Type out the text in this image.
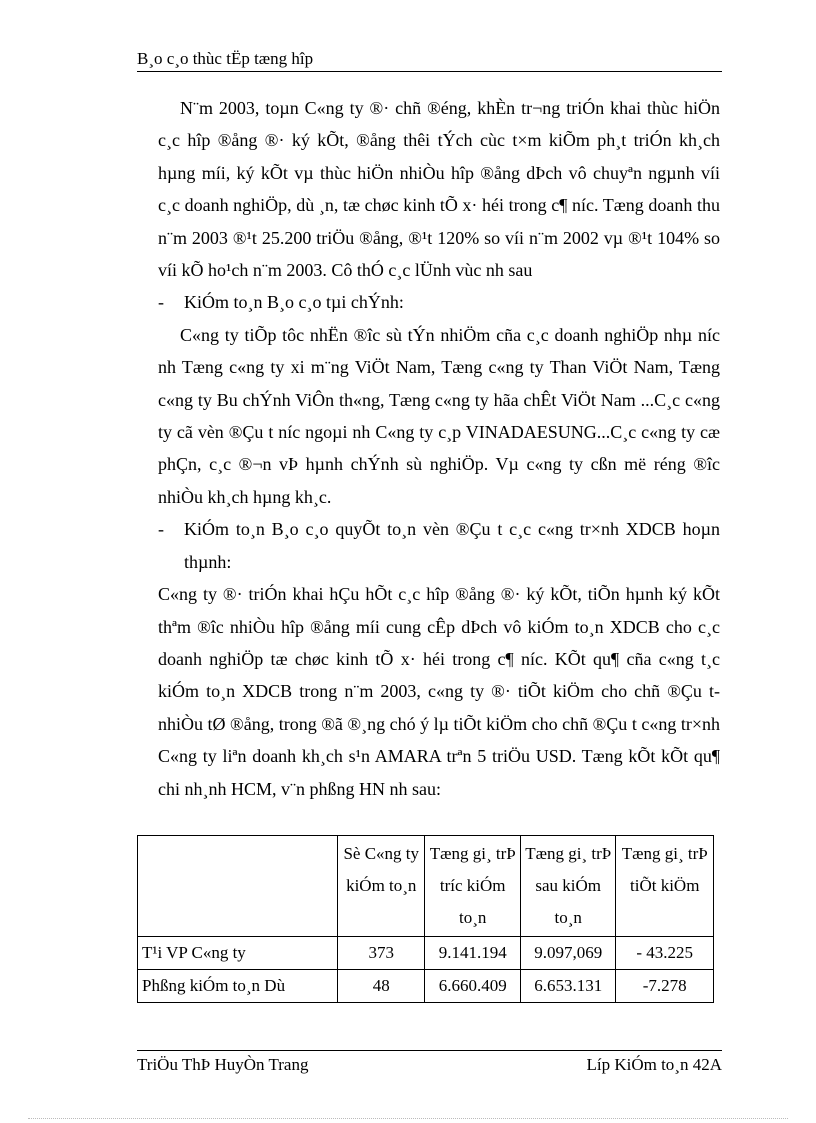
B¸o c¸o thùc tËp tæng hîp

N¨m 2003, toµn C«ng ty ®· chñ ®éng, khÈn tr¬ng triÓn khai thùc hiÖn c¸c hîp ®ång ®· ký kÕt, ®ång thêi tÝch cùc t×m kiÕm ph¸t triÓn kh¸ch hµng míi, ký kÕt vµ thùc hiÖn nhiÒu hîp ®ång dÞch vô chuyªn ngµnh víi c¸c doanh nghiÖp, dù ¸n, tæ chøc kinh tÕ x· héi trong c¶ níc. Tæng doanh thu n¨m 2003 ®¹t 25.200 triÖu ®ång, ®¹t 120% so víi n¨m 2002 vµ ®¹t 104% so víi kÕ ho¹ch n¨m 2003. Cô thÓ c¸c lÜnh vùc nh sau

- KiÓm to¸n B¸o c¸o tµi chÝnh:

C«ng ty tiÕp tôc nhËn ®îc sù tÝn nhiÖm cña c¸c doanh nghiÖp nhµ níc nh Tæng c«ng ty xi m¨ng ViÖt Nam, Tæng c«ng ty Than ViÖt Nam, Tæng c«ng ty Bu chÝnh ViÔn th«ng, Tæng c«ng ty hãa chÊt ViÖt Nam ...C¸c c«ng ty cã vèn ®Çu t níc ngoµi nh C«ng ty c¸p VINADAESUNG...C¸c c«ng ty cæ phÇn, c¸c ®¬n vÞ hµnh chÝnh sù nghiÖp. Vµ c«ng ty cßn më réng ®îc nhiÒu kh¸ch hµng kh¸c.

- KiÓm to¸n B¸o c¸o quyÕt to¸n vèn ®Çu t c¸c c«ng tr×nh XDCB hoµn thµnh:

C«ng ty ®· triÓn khai hÇu hÕt c¸c hîp ®ång ®· ký kÕt, tiÕn hµnh ký kÕt thªm ®îc nhiÒu hîp ®ång míi cung cÊp dÞch vô kiÓm to¸n XDCB cho c¸c doanh nghiÖp tæ chøc kinh tÕ x· héi trong c¶ níc. KÕt qu¶ cña c«ng t¸c kiÓm to¸n XDCB trong n¨m 2003, c«ng ty ®· tiÕt kiÖm cho chñ ®Çu t nhiÒu tØ ®ång, trong ®ã ®¸ng chó ý lµ tiÕt kiÖm cho chñ ®Çu t c«ng tr×nh C«ng ty liªn doanh kh¸ch s¹n AMARA trªn 5 triÖu USD. Tæng kÕt kÕt qu¶ chi nh¸nh HCM, v¨n phßng HN nh sau:

	Sè C«ng ty kiÓm to¸n	Tæng gi¸ trÞ tríc kiÓm to¸n	Tæng gi¸ trÞ sau kiÓm to¸n	Tæng gi¸ trÞ tiÕt kiÖm
T¹i VP C«ng ty	373	9.141.194	9.097,069	- 43.225
Phßng kiÓm to¸n Dù	48	6.660.409	6.653.131	-7.278
TriÖu ThÞ HuyÒn Trang	Líp KiÓm to¸n 42A
